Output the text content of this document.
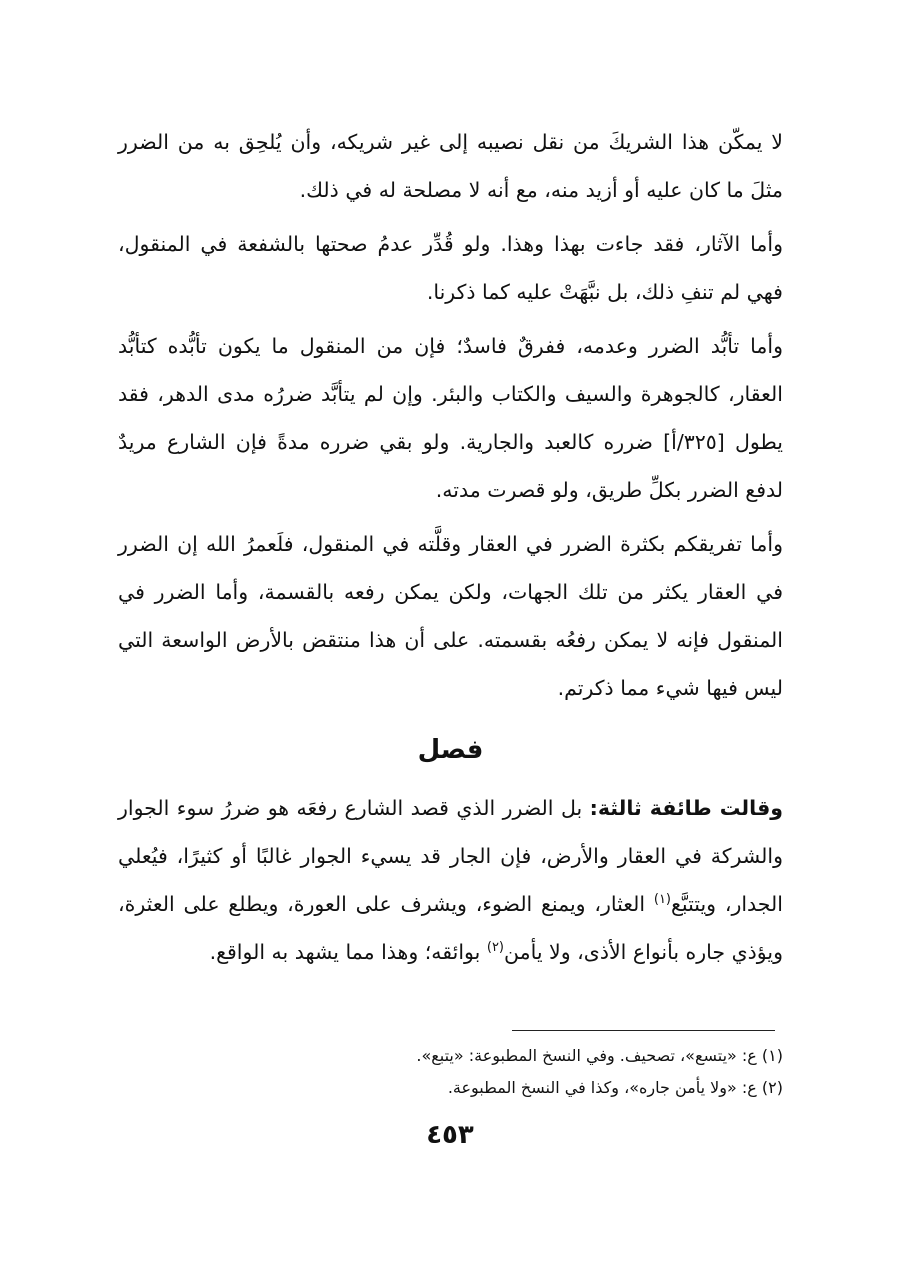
لا يمكّن هذا الشريكَ من نقل نصيبه إلى غير شريكه، وأن يُلحِق به من الضرر مثلَ ما كان عليه أو أزيد منه، مع أنه لا مصلحة له في ذلك.

وأما الآثار، فقد جاءت بهذا وهذا. ولو قُدِّر عدمُ صحتها بالشفعة في المنقول، فهي لم تنفِ ذلك، بل نبَّهَتْ عليه كما ذكرنا.

وأما تأبُّد الضرر وعدمه، ففرقٌ فاسدٌ؛ فإن من المنقول ما يكون تأبُّده كتأبُّد العقار، كالجوهرة والسيف والكتاب والبئر. وإن لم يتأبَّد ضررُه مدى الدهر، فقد يطول [٣٢٥/أ] ضرره كالعبد والجارية. ولو بقي ضرره مدةً فإن الشارع مريدٌ لدفع الضرر بكلِّ طريق، ولو قصرت مدته.

وأما تفريقكم بكثرة الضرر في العقار وقلَّته في المنقول، فلَعمرُ الله إن الضرر في العقار يكثر من تلك الجهات، ولكن يمكن رفعه بالقسمة، وأما الضرر في المنقول فإنه لا يمكن رفعُه بقسمته. على أن هذا منتقض بالأرض الواسعة التي ليس فيها شيء مما ذكرتم.

فصل

وقالت طائفة ثالثة: بل الضرر الذي قصد الشارع رفعَه هو ضررُ سوء الجوار والشركة في العقار والأرض، فإن الجار قد يسيء الجوار غالبًا أو كثيرًا، فيُعلي الجدار، ويتتبَّع$^{(١)}$ العثار، ويمنع الضوء، ويشرف على العورة، ويطلع على العثرة، ويؤذي جاره بأنواع الأذى، ولا يأمن$^{(٢)}$ بوائقه؛ وهذا مما يشهد به الواقع.

(١) ع: «يتسع»، تصحيف. وفي النسخ المطبوعة: «يتبع».

(٢) ع: «ولا يأمن جاره»، وكذا في النسخ المطبوعة.

٤٥٣
